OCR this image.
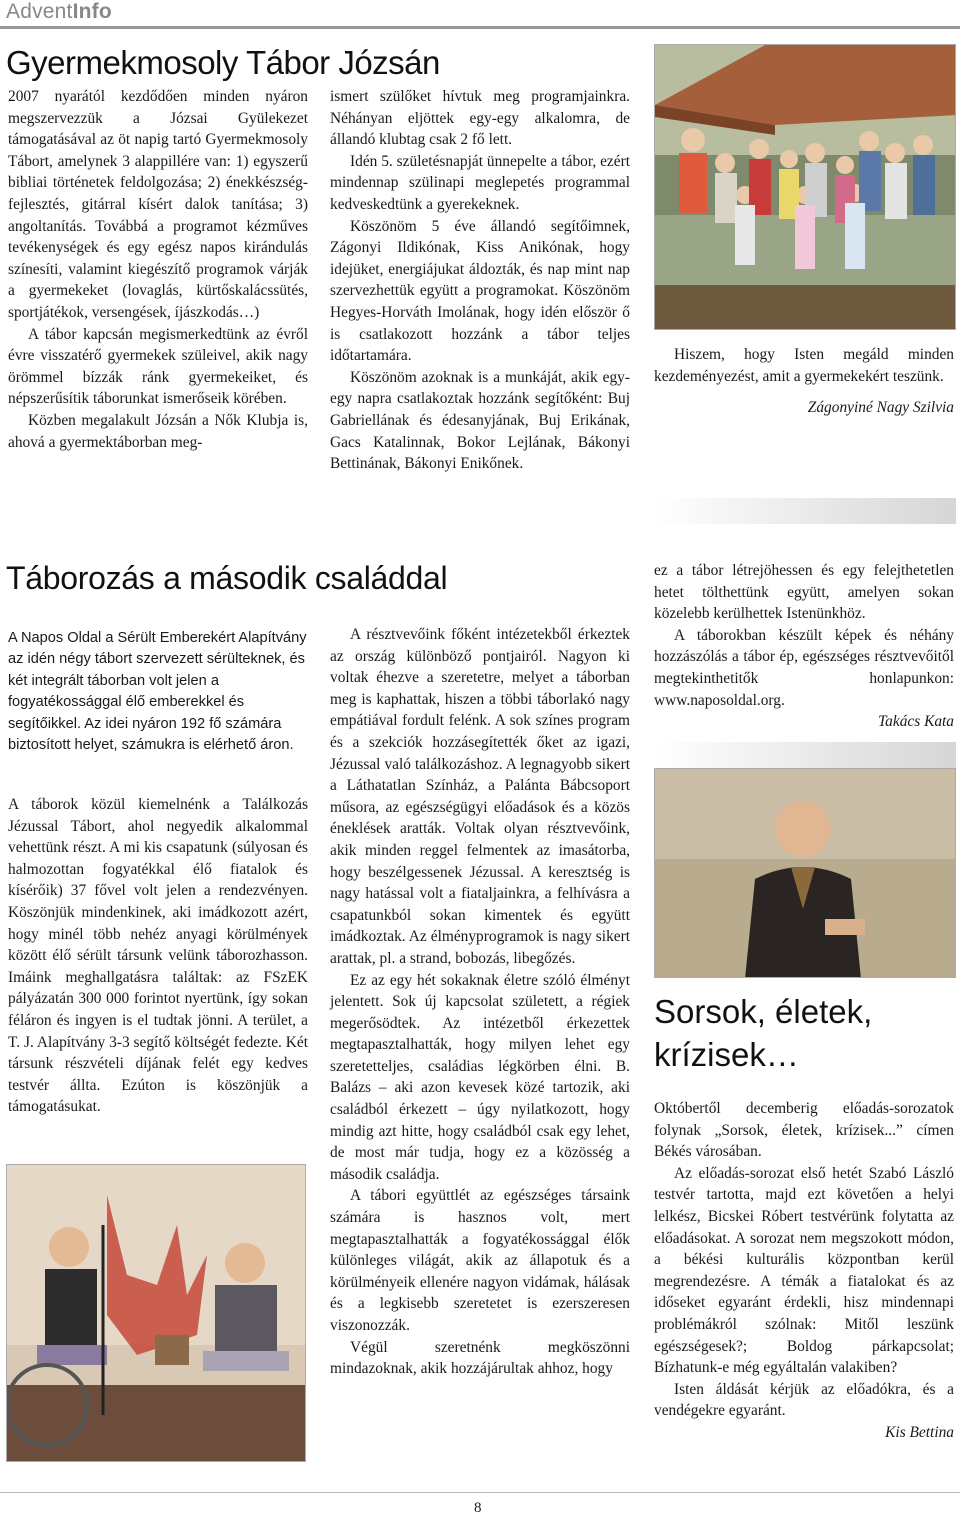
AdventInfo
Gyermekmosoly Tábor Józsán

2007 nyarától kezdődően minden nyáron megszervezzük a Józsai Gyülekezet támogatásával az öt napig tartó Gyermekmosoly Tábort, amelynek 3 alappillére van: 1) egyszerű bibliai történetek feldolgozása; 2) énekkészség-fejlesztés, gitárral kísért dalok tanítása; 3) angoltanítás. Továbbá a programot kézműves tevékenységek és egy egész napos kirándulás színesíti, valamint kiegészítő programok várják a gyermekeket (lovaglás, kürtőskalácssütés, sportjátékok, versengések, íjászkodás…)

A tábor kapcsán megismerkedtünk az évről évre visszatérő gyermekek szüleivel, akik nagy örömmel bízzák ránk gyermekeiket, és népszerűsítik táborunkat ismerőseik körében.

Közben megalakult Józsán a Nők Klubja is, ahová a gyermektáborban meg-

ismert szülőket hívtuk meg programjainkra. Néhányan eljöttek egy-egy alkalomra, de állandó klubtag csak 2 fő lett.

Idén 5. születésnapját ünnepelte a tábor, ezért mindennap szülinapi meglepetés programmal kedveskedtünk a gyerekeknek.

Köszönöm 5 éve állandó segítőimnek, Zágonyi Ildikónak, Kiss Anikónak, hogy idejüket, energiájukat áldozták, és nap mint nap szervezhettük együtt a programokat. Köszönöm Hegyes-Horváth Imolának, hogy idén először ő is csatlakozott hozzánk a tábor teljes időtartamára.

Köszönöm azoknak is a munkáját, akik egy-egy napra csatlakoztak hozzánk segítőként: Buj Gabriellának és édesanyjának, Buj Erikának, Gacs Katalinnak, Bokor Lejlának, Bákonyi Bettinának, Bákonyi Enikőnek.

Hiszem, hogy Isten megáld minden kezdeményezést, amit a gyermekekért teszünk.

Zágonyiné Nagy Szilvia

Táborozás a második családdal

A Napos Oldal a Sérült Emberekért Alapítvány az idén négy tábort szervezett sérülteknek, és két integrált táborban volt jelen a fogyatékossággal élő emberekkel és segítőikkel. Az idei nyáron 192 fő számára biztosított helyet, számukra is elérhető áron.

A táborok közül kiemelnénk a Találkozás Jézussal Tábort, ahol negyedik alkalommal vehettünk részt. A mi kis csapatunk (súlyosan és halmozottan fogyatékkal élő fiatalok és kísérőik) 37 fővel volt jelen a rendezvényen. Köszönjük mindenkinek, aki imádkozott azért, hogy minél több nehéz anyagi körülmények között élő sérült társunk velünk táborozhasson. Imáink meghallgatásra találtak: az FSzEK pályázatán 300 000 forintot nyertünk, így sokan féláron és ingyen is el tudtak jönni. A terület, a T. J. Alapítvány 3-3 segítő költségét fedezte. Két társunk részvételi díjának felét egy kedves testvér állta. Ezúton is köszönjük a támogatásukat.

A résztvevőink főként intézetekből érkeztek az ország különböző pontjairól. Nagyon ki voltak éhezve a szeretetre, melyet a táborban meg is kaphattak, hiszen a többi táborlakó nagy empátiával fordult felénk. A sok színes program és a szekciók hozzásegítették őket az igazi, Jézussal való találkozáshoz. A legnagyobb sikert a Láthatatlan Színház, a Palánta Bábcsoport műsora, az egészségügyi előadások és a közös éneklések aratták. Voltak olyan résztvevőink, akik minden reggel felmentek az imasátorba, hogy beszélgessenek Jézussal. A keresztség is nagy hatással volt a fiataljainkra, a felhívásra a csapatunkból sokan kimentek és együtt imádkoztak. Az élményprogramok is nagy sikert arattak, pl. a strand, bobozás, libegőzés.

Ez az egy hét sokaknak életre szóló élményt jelentett. Sok új kapcsolat született, a régiek megerősödtek. Az intézetből érkezettek megtapasztalhatták, hogy milyen lehet egy szeretetteljes, családias légkörben élni. B. Balázs – aki azon kevesek közé tartozik, aki családból érkezett – úgy nyilatkozott, hogy mindig azt hitte, hogy családból csak egy lehet, de most már tudja, hogy ez a közösség a második családja.

A tábori együttlét az egészséges társaink számára is hasznos volt, mert megtapasztalhatták a fogyatékossággal élők különleges világát, akik az állapotuk és a körülményeik ellenére nagyon vidámak, hálásak és a legkisebb szeretetet is ezerszeresen viszonozzák.

Végül szeretnénk megköszönni mindazoknak, akik hozzájárultak ahhoz, hogy

ez a tábor létrejöhessen és egy felejthetetlen hetet tölthettünk együtt, amelyen sokan közelebb kerülhettek Istenünkhöz.

A táborokban készült képek és néhány hozzászólás a tábor ép, egészséges résztvevőitől megtekinthetitők honlapunkon: www.naposoldal.org.

Takács Kata

Sorsok, életek, krízisek…

Októbertől decemberig előadás-sorozatok folynak „Sorsok, életek, krízisek...” címen Békés városában.

Az előadás-sorozat első hetét Szabó László testvér tartotta, majd ezt követően a helyi lelkész, Bicskei Róbert testvérünk folytatta az előadásokat. A sorozat nem megszokott módon, a békési kulturális központban kerül megrendezésre. A témák a fiatalokat és az időseket egyaránt érdekli, hisz mindennapi problémákról szólnak: Mitől leszünk egészségesek?; Boldog párkapcsolat; Bízhatunk-e még egyáltalán valakiben?

Isten áldását kérjük az előadókra, és a vendégekre egyaránt.

Kis Bettina

8
